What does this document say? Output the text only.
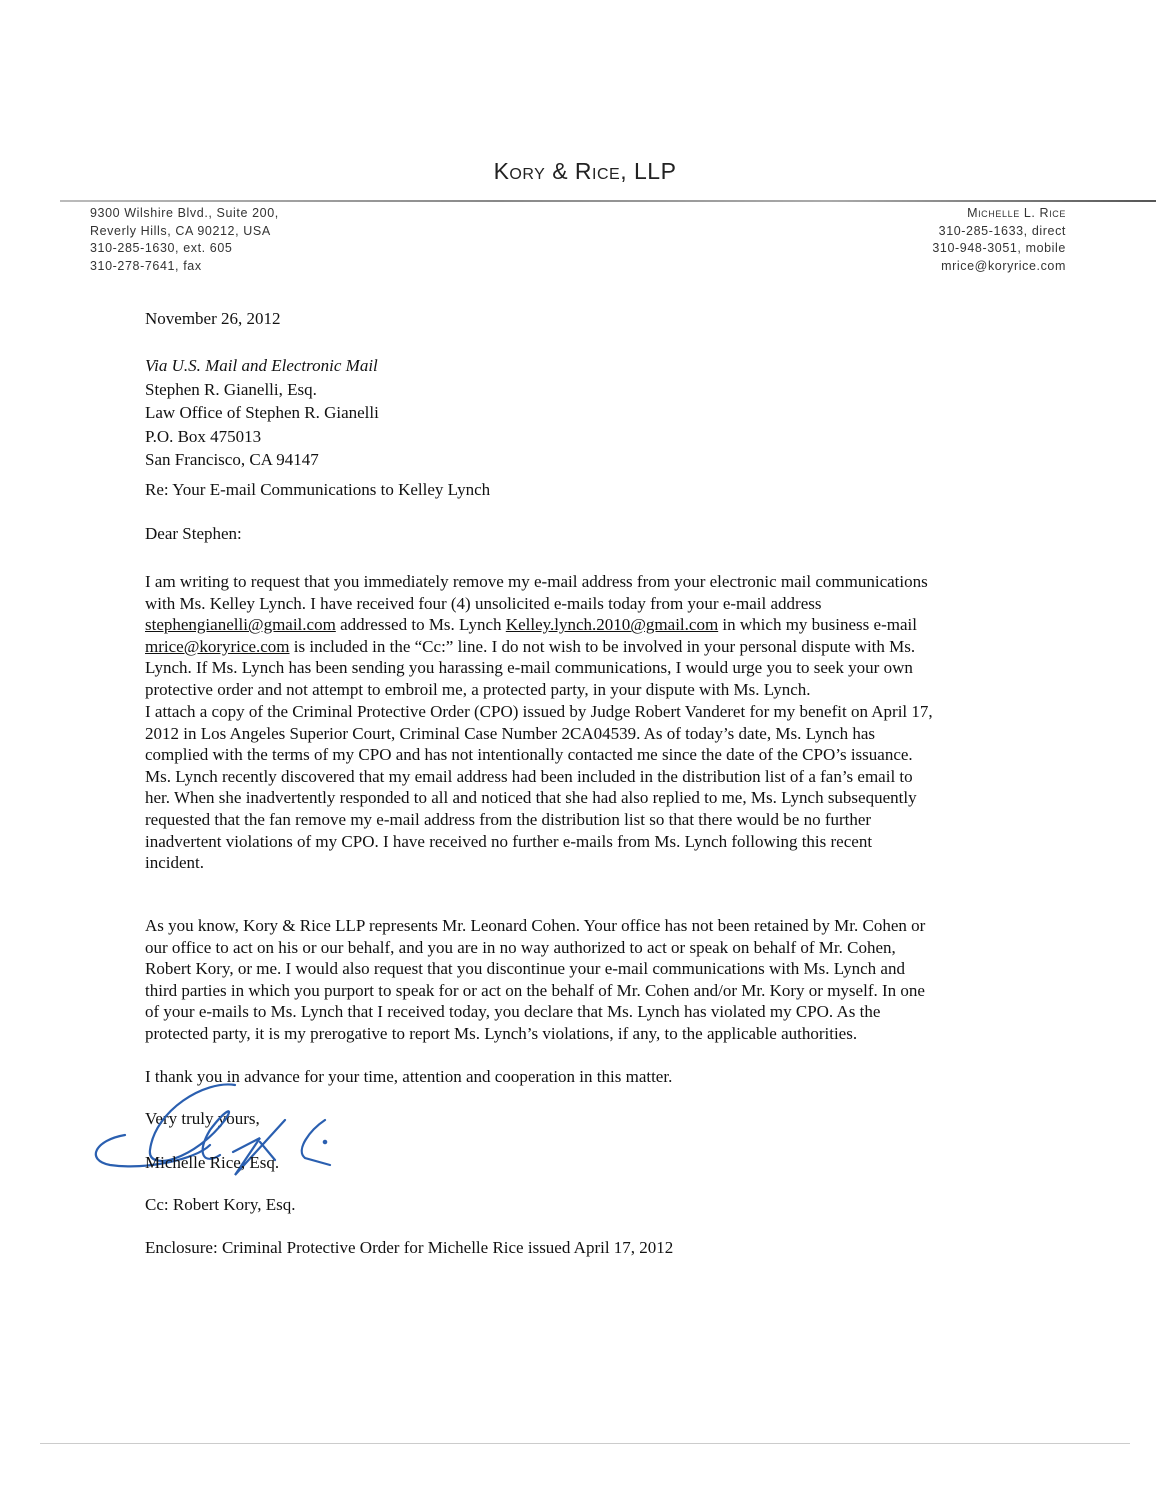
Kory & Rice, LLP
9300 Wilshire Blvd., Suite 200,
Reverly Hills, CA 90212, USA
310-285-1630, ext. 605
310-278-7641, fax
Michelle L. Rice
310-285-1633, direct
310-948-3051, mobile
mrice@koryrice.com
November 26, 2012
Via U.S. Mail and Electronic Mail
Stephen R. Gianelli, Esq.
Law Office of Stephen R. Gianelli
P.O. Box 475013
San Francisco, CA 94147
Re: Your E-mail Communications to Kelley Lynch
Dear Stephen:
I am writing to request that you immediately remove my e-mail address from your electronic mail communications
with Ms. Kelley Lynch. I have received four (4) unsolicited e-mails today from your e-mail address
stephengianelli@gmail.com addressed to Ms. Lynch Kelley.lynch.2010@gmail.com in which my business e-mail
mrice@koryrice.com is included in the “Cc:” line. I do not wish to be involved in your personal dispute with Ms.
Lynch. If Ms. Lynch has been sending you harassing e-mail communications, I would urge you to seek your own
protective order and not attempt to embroil me, a protected party, in your dispute with Ms. Lynch.
I attach a copy of the Criminal Protective Order (CPO) issued by Judge Robert Vanderet for my benefit on April 17,
2012 in Los Angeles Superior Court, Criminal Case Number 2CA04539. As of today’s date, Ms. Lynch has
complied with the terms of my CPO and has not intentionally contacted me since the date of the CPO’s issuance.
Ms. Lynch recently discovered that my email address had been included in the distribution list of a fan’s email to
her. When she inadvertently responded to all and noticed that she had also replied to me, Ms. Lynch subsequently
requested that the fan remove my e-mail address from the distribution list so that there would be no further
inadvertent violations of my CPO. I have received no further e-mails from Ms. Lynch following this recent
incident.
As you know, Kory & Rice LLP represents Mr. Leonard Cohen. Your office has not been retained by Mr. Cohen or
our office to act on his or our behalf, and you are in no way authorized to act or speak on behalf of Mr. Cohen,
Robert Kory, or me. I would also request that you discontinue your e-mail communications with Ms. Lynch and
third parties in which you purport to speak for or act on the behalf of Mr. Cohen and/or Mr. Kory or myself. In one
of your e-mails to Ms. Lynch that I received today, you declare that Ms. Lynch has violated my CPO. As the
protected party, it is my prerogative to report Ms. Lynch’s violations, if any, to the applicable authorities.
I thank you in advance for your time, attention and cooperation in this matter.
Very truly yours,
Michelle Rice, Esq.
Cc: Robert Kory, Esq.
Enclosure: Criminal Protective Order for Michelle Rice issued April 17, 2012
